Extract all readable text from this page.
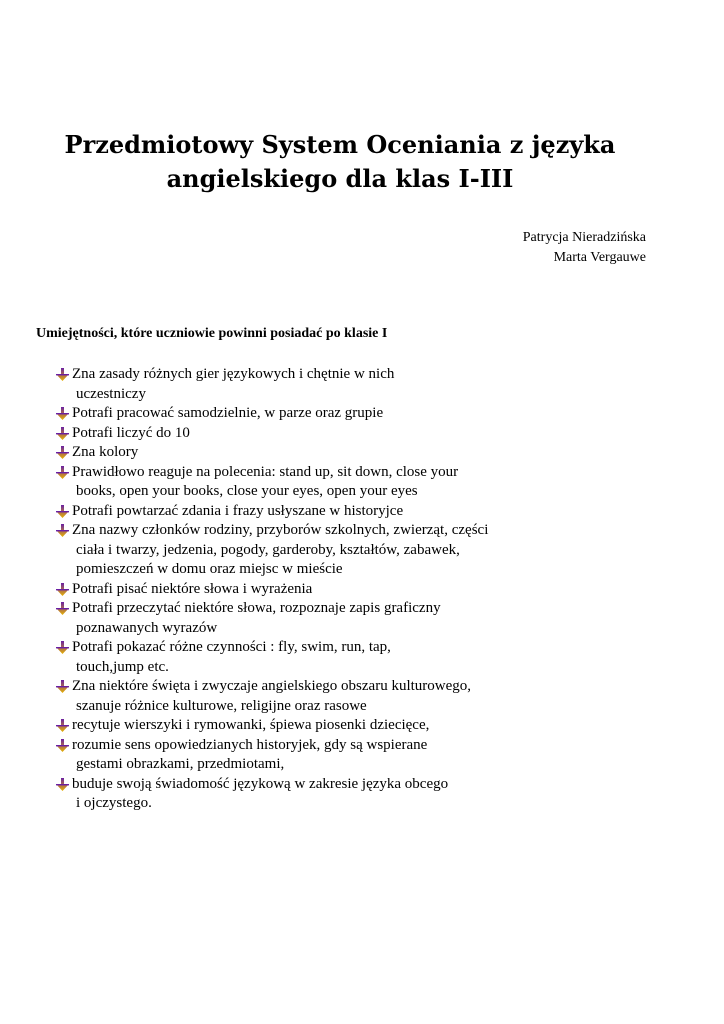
Przedmiotowy System Oceniania z języka
angielskiego dla klas I-III
Patrycja Nieradzińska
Marta Vergauwe
Umiejętności, które uczniowie powinni posiadać po klasie I
Zna zasady różnych gier językowych i chętnie w nich
uczestniczy
Potrafi pracować samodzielnie, w parze oraz grupie
Potrafi liczyć do 10
Zna kolory
Prawidłowo reaguje na polecenia: stand up, sit down, close your
books, open your books, close your eyes, open your eyes
Potrafi powtarzać zdania i frazy usłyszane w historyjce
Zna nazwy członków rodziny, przyborów szkolnych, zwierząt, części
ciała i twarzy, jedzenia, pogody, garderoby, kształtów, zabawek,
pomieszczeń w domu oraz miejsc w mieście
Potrafi pisać niektóre słowa i wyrażenia
Potrafi przeczytać niektóre słowa, rozpoznaje zapis graficzny
poznawanych wyrazów
Potrafi pokazać różne czynności : fly, swim, run, tap,
touch,jump etc.
Zna niektóre święta i zwyczaje angielskiego obszaru kulturowego,
szanuje różnice kulturowe, religijne oraz rasowe
recytuje wierszyki i rymowanki, śpiewa piosenki dziecięce,
rozumie sens opowiedzianych historyjek, gdy są wspierane
gestami obrazkami, przedmiotami,
buduje swoją świadomość językową w zakresie języka obcego
i ojczystego.
